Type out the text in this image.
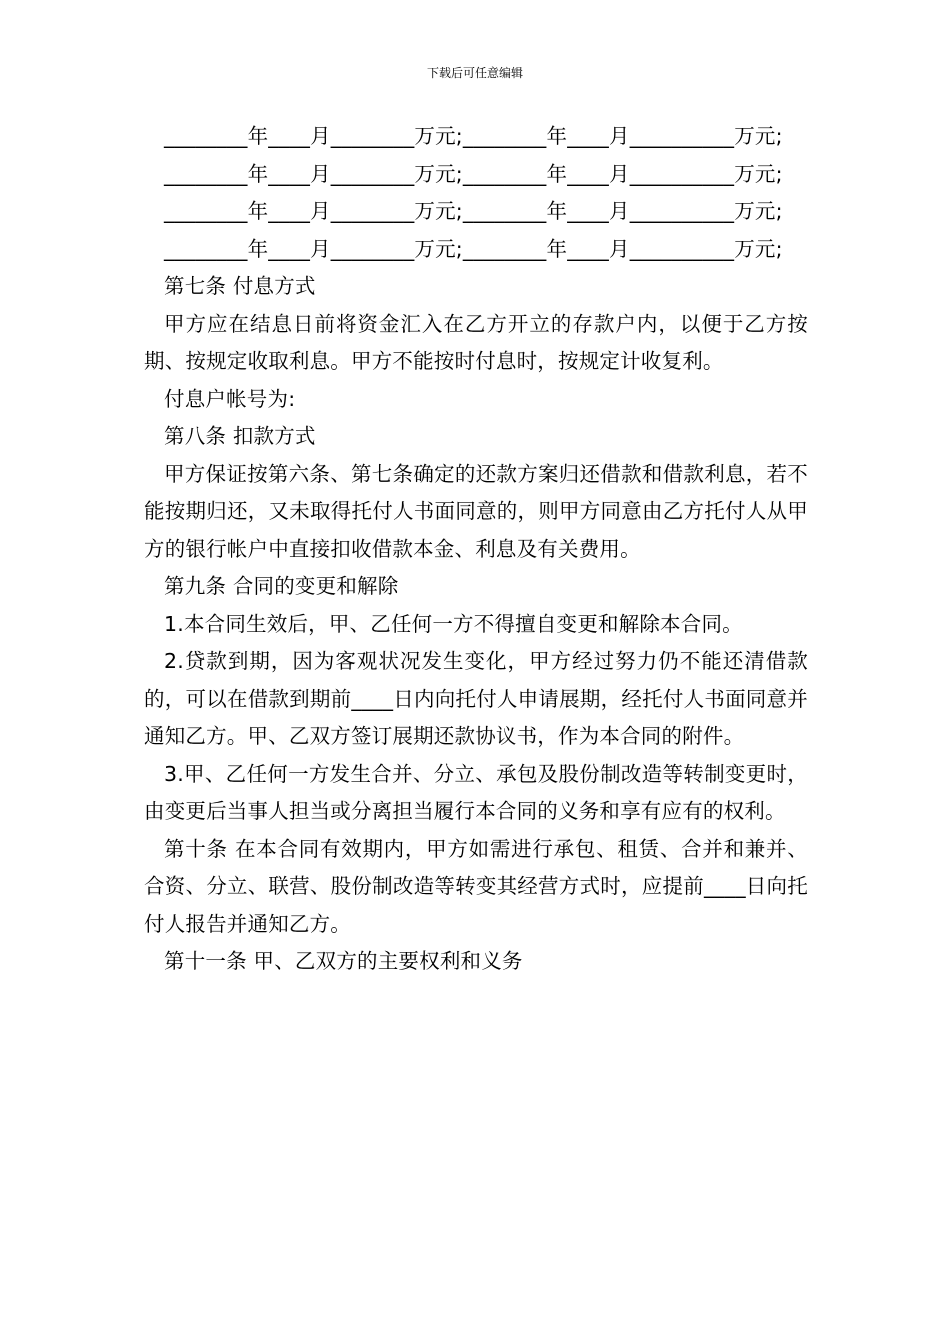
下载后可任意编辑

________年____月________万元;________年____月__________万元;

________年____月________万元;________年____月__________万元;

________年____月________万元;________年____月__________万元;

________年____月________万元;________年____月__________万元;

第七条 付息方式

甲方应在结息日前将资金汇入在乙方开立的存款户内，以便于乙方按期、按规定收取利息。甲方不能按时付息时，按规定计收复利。

付息户帐号为:

第八条 扣款方式

甲方保证按第六条、第七条确定的还款方案归还借款和借款利息，若不能按期归还，又未取得托付人书面同意的，则甲方同意由乙方托付人从甲方的银行帐户中直接扣收借款本金、利息及有关费用。

第九条 合同的变更和解除

1.本合同生效后，甲、乙任何一方不得擅自变更和解除本合同。

2.贷款到期，因为客观状况发生变化，甲方经过努力仍不能还清借款的，可以在借款到期前____日内向托付人申请展期，经托付人书面同意并通知乙方。甲、乙双方签订展期还款协议书，作为本合同的附件。

3.甲、乙任何一方发生合并、分立、承包及股份制改造等转制变更时，由变更后当事人担当或分离担当履行本合同的义务和享有应有的权利。

第十条 在本合同有效期内，甲方如需进行承包、租赁、合并和兼并、合资、分立、联营、股份制改造等转变其经营方式时，应提前____日向托付人报告并通知乙方。

第十一条 甲、乙双方的主要权利和义务
